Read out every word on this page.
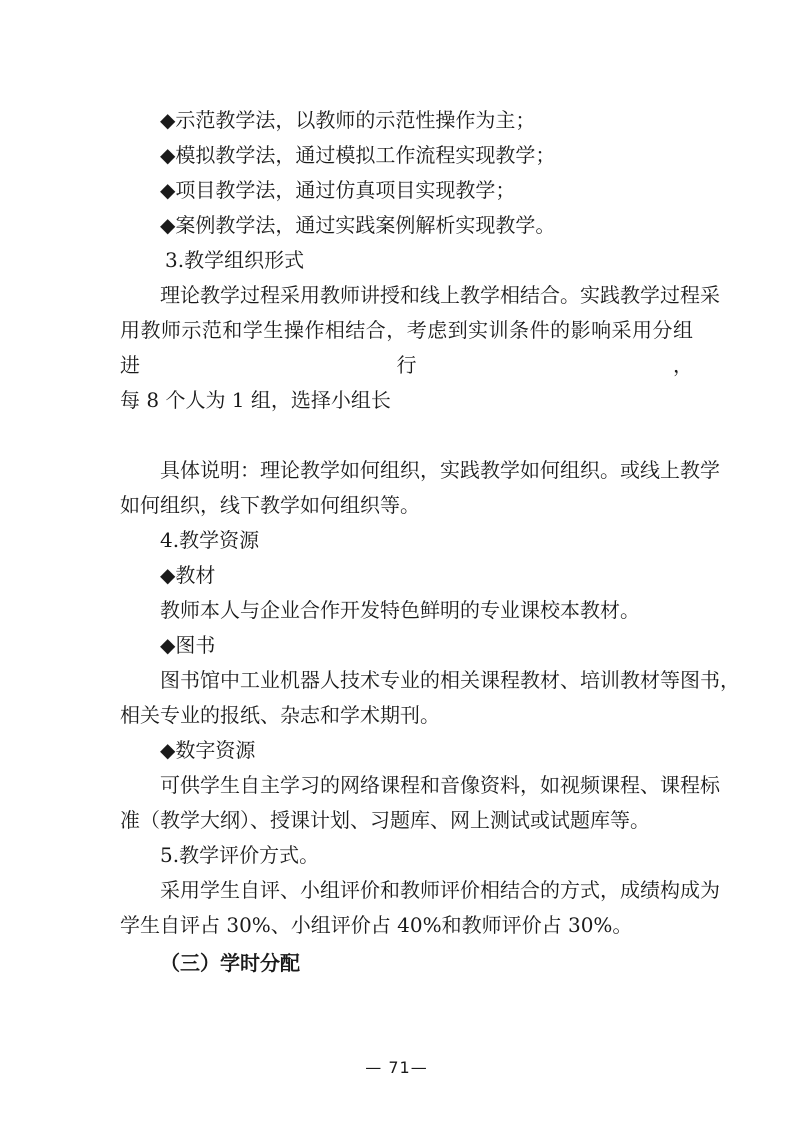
◆示范教学法，以教师的示范性操作为主；

◆模拟教学法，通过模拟工作流程实现教学；

◆项目教学法，通过仿真项目实现教学；

◆案例教学法，通过实践案例解析实现教学。

3.教学组织形式

理论教学过程采用教师讲授和线上教学相结合。实践教学过程采

用教师示范和学生操作相结合，考虑到实训条件的影响采用分组进行，

每 8 个人为 1 组，选择小组长

具体说明：理论教学如何组织，实践教学如何组织。或线上教学

如何组织，线下教学如何组织等。

4.教学资源

◆教材

教师本人与企业合作开发特色鲜明的专业课校本教材。

◆图书

图书馆中工业机器人技术专业的相关课程教材、培训教材等图书，

相关专业的报纸、杂志和学术期刊。

◆数字资源

可供学生自主学习的网络课程和音像资料，如视频课程、课程标

准（教学大纲）、授课计划、习题库、网上测试或试题库等。

5.教学评价方式。

采用学生自评、小组评价和教师评价相结合的方式，成绩构成为

学生自评占 30%、小组评价占 40%和教师评价占 30%。

（三）学时分配

— 71—
